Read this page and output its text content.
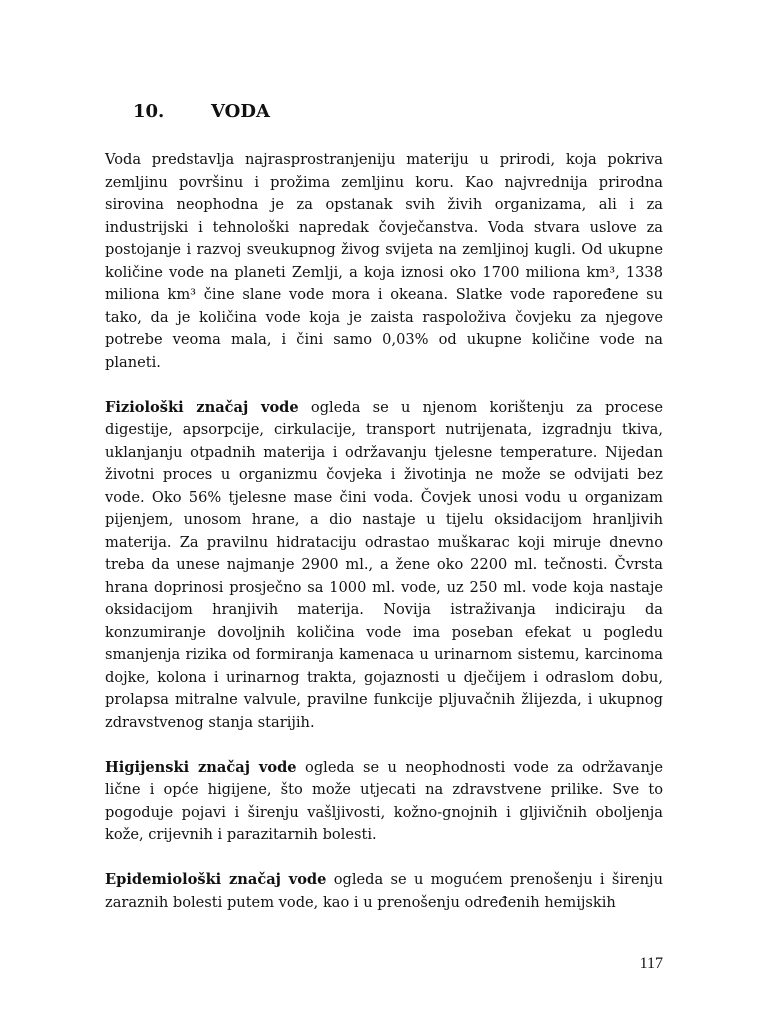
10.	VODA

Voda predstavlja najrasprostranjeniju materiju u prirodi, koja pokriva zemljinu površinu i prožima zemljinu koru. Kao najvrednija prirodna sirovina neophodna je za opstanak svih živih organizama, ali i za industrijski i tehnološki napredak čovječanstva. Voda stvara uslove za postojanje i razvoj sveukupnog živog svijeta na zemljinoj kugli. Od ukupne količine vode na planeti Zemlji, a koja iznosi oko 1700 miliona km³, 1338 miliona km³ čine slane vode mora i okeana. Slatke vode rapoređene su tako, da je količina vode koja je zaista raspoloživa čovjeku za njegove potrebe veoma mala, i čini samo 0,03% od ukupne količine vode na planeti.

Fiziološki značaj vode ogleda se u njenom korištenju za procese digestije, apsorpcije, cirkulacije, transport nutrijenata, izgradnju tkiva, uklanjanju otpadnih materija i održavanju tjelesne temperature. Nijedan životni proces u organizmu čovjeka i životinja ne može se odvijati bez vode. Oko 56% tjelesne mase čini voda. Čovjek unosi vodu u organizam pijenjem, unosom hrane, a dio nastaje u tijelu oksidacijom hranljivih materija. Za pravilnu hidrataciju odrastao muškarac koji miruje dnevno treba da unese najmanje 2900 ml., a žene oko 2200 ml. tečnosti. Čvrsta hrana doprinosi prosječno sa 1000 ml. vode, uz 250 ml. vode koja nastaje oksidacijom hranjivih materija. Novija istraživanja indiciraju da konzumiranje dovoljnih količina vode ima poseban efekat u pogledu smanjenja rizika od formiranja kamenaca u urinarnom sistemu, karcinoma dojke, kolona i urinarnog trakta, gojaznosti u dječijem i odraslom dobu, prolapsa mitralne valvule, pravilne funkcije pljuvačnih žlijezda, i ukupnog zdravstvenog stanja starijih.

Higijenski značaj vode ogleda se u neophodnosti vode za održavanje lične i opće higijene, što može utjecati na zdravstvene prilike. Sve to pogoduje pojavi i širenju vašljivosti, kožno-gnojnih i gljivičnih oboljenja kože, crijevnih i parazitarnih bolesti.

Epidemiološki značaj vode ogleda se u mogućem prenošenju i širenju zaraznih bolesti putem vode, kao i u prenošenju određenih hemijskih

117
